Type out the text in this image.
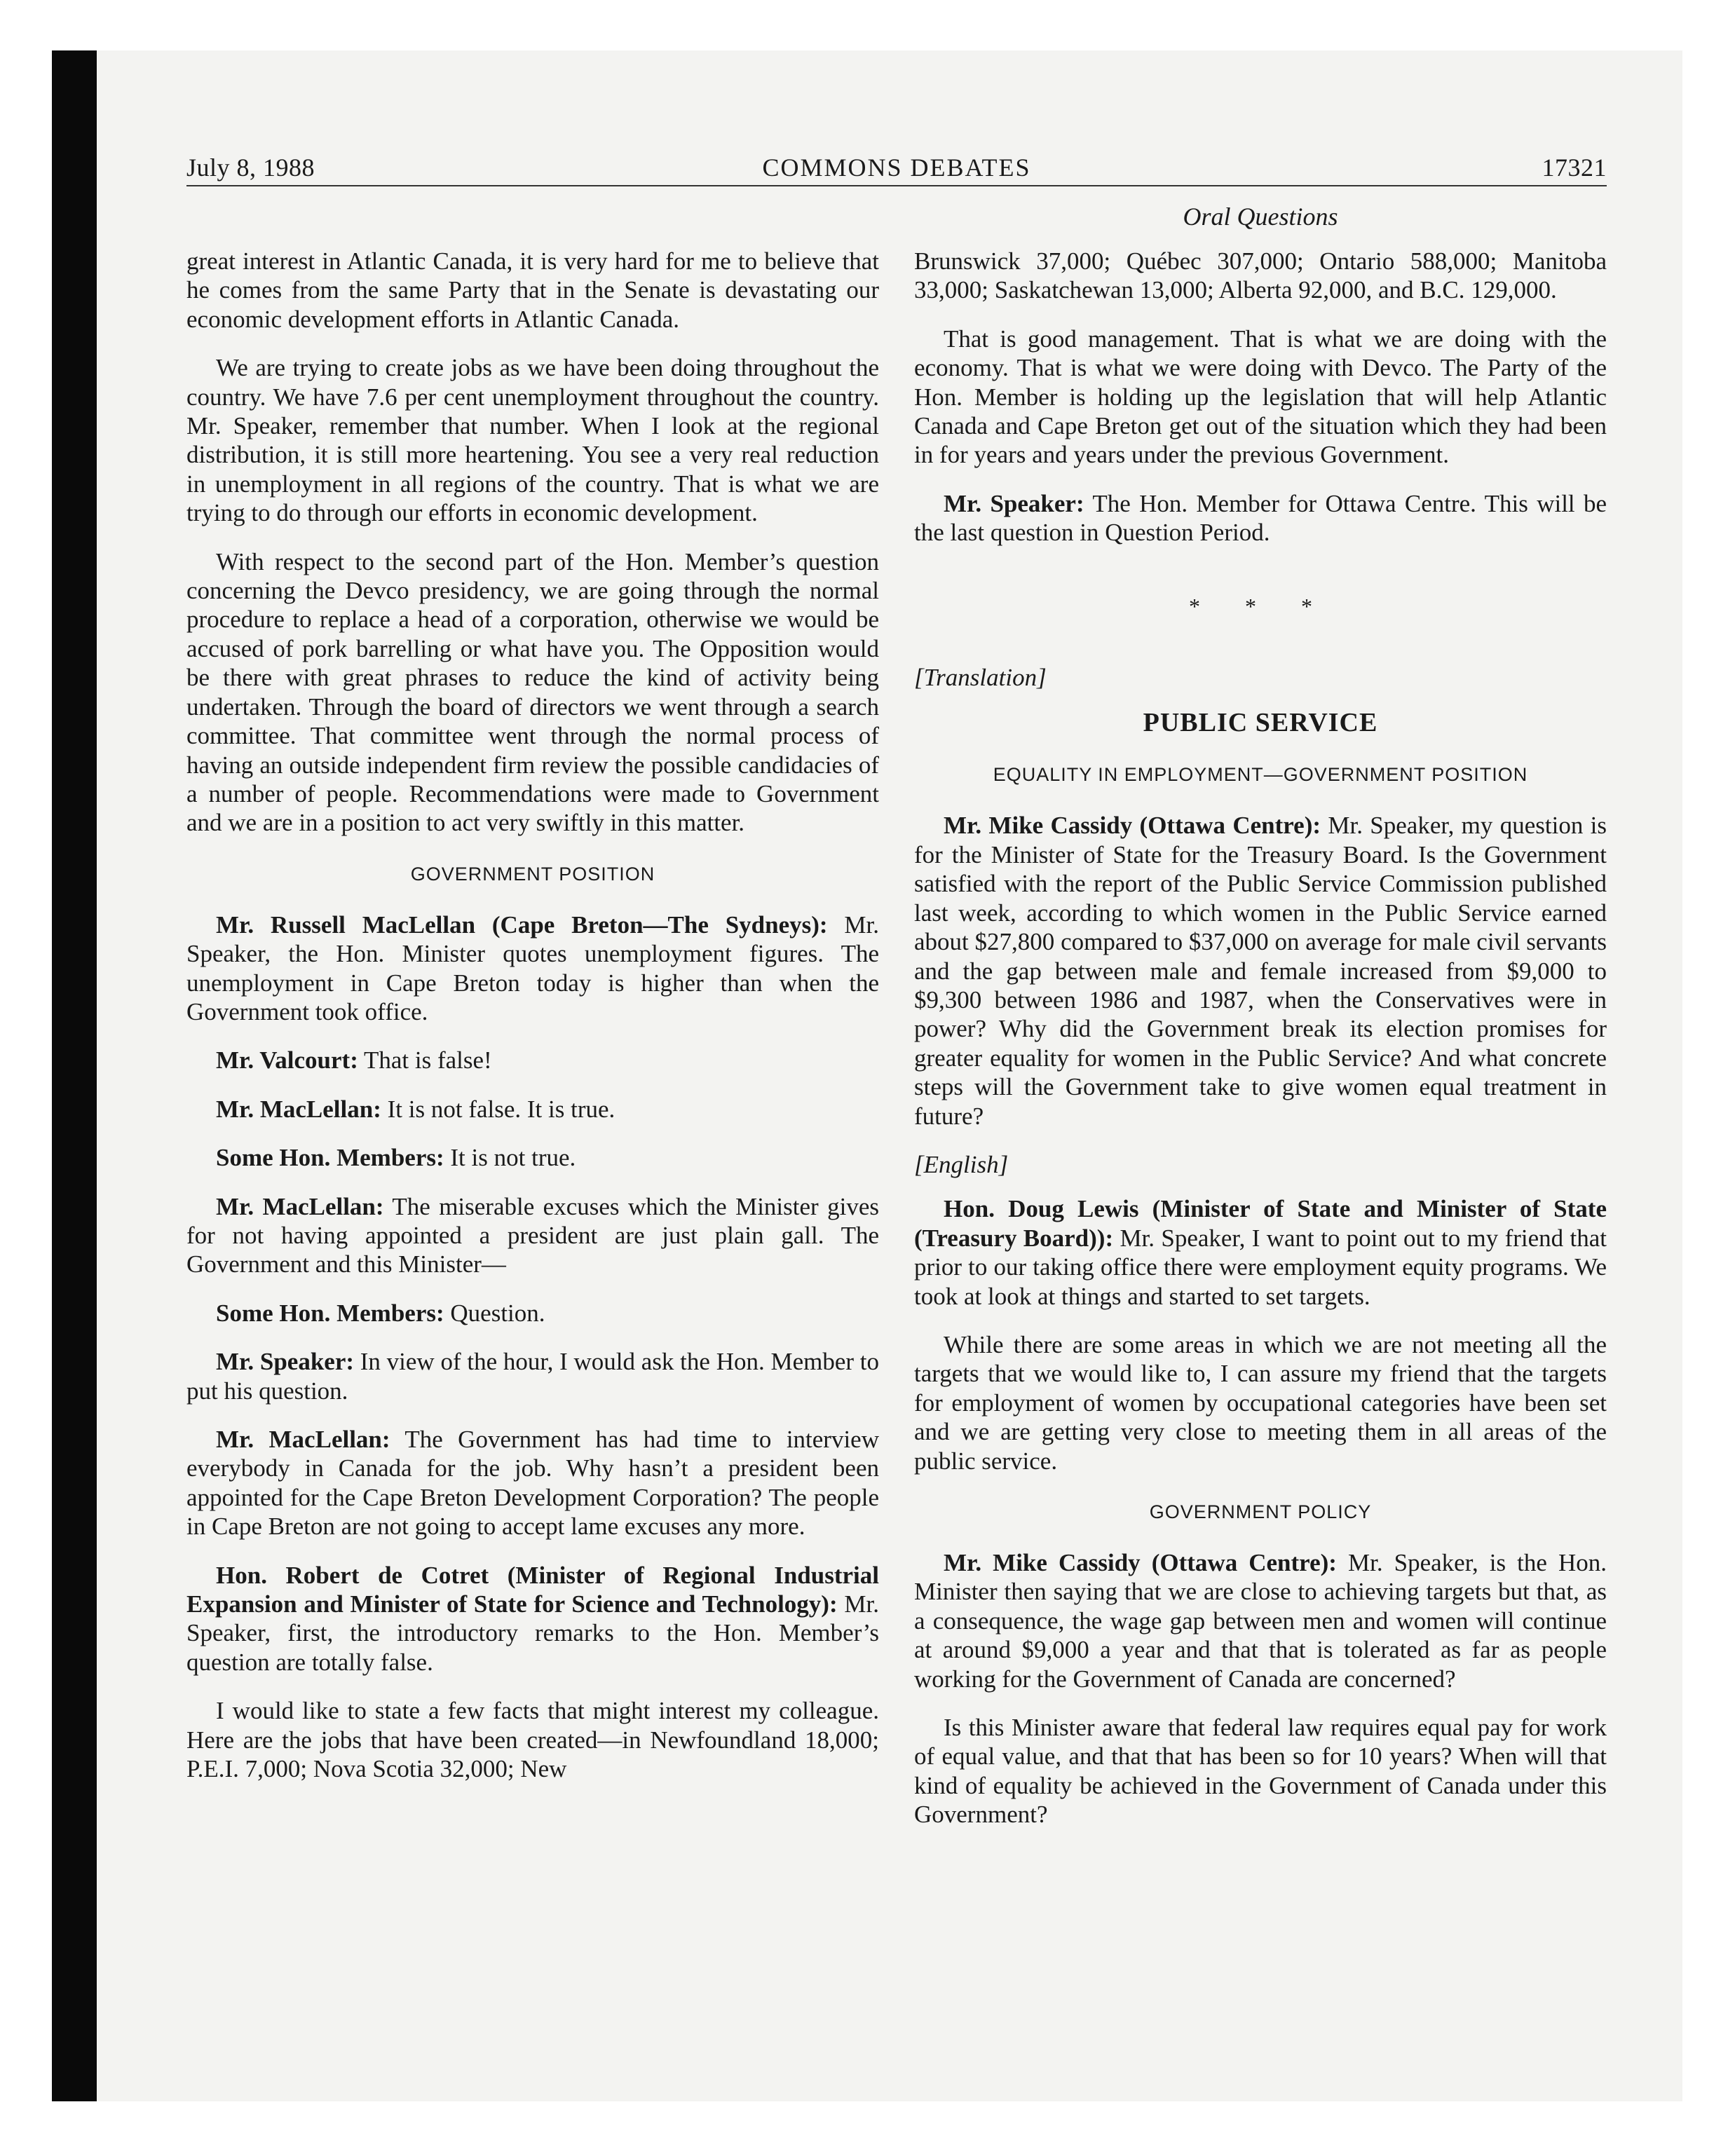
July 8, 1988	COMMONS DEBATES	17321
Oral Questions

great interest in Atlantic Canada, it is very hard for me to believe that he comes from the same Party that in the Senate is devastating our economic development efforts in Atlantic Canada.

We are trying to create jobs as we have been doing throughout the country. We have 7.6 per cent unemployment throughout the country. Mr. Speaker, remember that number. When I look at the regional distribution, it is still more heartening. You see a very real reduction in unemployment in all regions of the country. That is what we are trying to do through our efforts in economic development.

With respect to the second part of the Hon. Member’s question concerning the Devco presidency, we are going through the normal procedure to replace a head of a corporation, otherwise we would be accused of pork barrelling or what have you. The Opposition would be there with great phrases to reduce the kind of activity being undertaken. Through the board of directors we went through a search committee. That committee went through the normal process of having an outside independent firm review the possible candidacies of a number of people. Recommendations were made to Government and we are in a position to act very swiftly in this matter.

GOVERNMENT POSITION

Mr. Russell MacLellan (Cape Breton—The Sydneys): Mr. Speaker, the Hon. Minister quotes unemployment figures. The unemployment in Cape Breton today is higher than when the Government took office.

Mr. Valcourt: That is false!

Mr. MacLellan: It is not false. It is true.

Some Hon. Members: It is not true.

Mr. MacLellan: The miserable excuses which the Minister gives for not having appointed a president are just plain gall. The Government and this Minister—

Some Hon. Members: Question.

Mr. Speaker: In view of the hour, I would ask the Hon. Member to put his question.

Mr. MacLellan: The Government has had time to interview everybody in Canada for the job. Why hasn’t a president been appointed for the Cape Breton Development Corporation? The people in Cape Breton are not going to accept lame excuses any more.

Hon. Robert de Cotret (Minister of Regional Industrial Expansion and Minister of State for Science and Technology): Mr. Speaker, first, the introductory remarks to the Hon. Member’s question are totally false.

I would like to state a few facts that might interest my colleague. Here are the jobs that have been created—in Newfoundland 18,000; P.E.I. 7,000; Nova Scotia 32,000; New

Brunswick 37,000; Québec 307,000; Ontario 588,000; Manitoba 33,000; Saskatchewan 13,000; Alberta 92,000, and B.C. 129,000.

That is good management. That is what we are doing with the economy. That is what we were doing with Devco. The Party of the Hon. Member is holding up the legislation that will help Atlantic Canada and Cape Breton get out of the situation which they had been in for years and years under the previous Government.

Mr. Speaker: The Hon. Member for Ottawa Centre. This will be the last question in Question Period.

* * *
[Translation]
PUBLIC SERVICE
EQUALITY IN EMPLOYMENT—GOVERNMENT POSITION

Mr. Mike Cassidy (Ottawa Centre): Mr. Speaker, my question is for the Minister of State for the Treasury Board. Is the Government satisfied with the report of the Public Service Commission published last week, according to which women in the Public Service earned about $27,800 compared to $37,000 on average for male civil servants and the gap between male and female increased from $9,000 to $9,300 between 1986 and 1987, when the Conservatives were in power? Why did the Government break its election promises for greater equality for women in the Public Service? And what concrete steps will the Government take to give women equal treatment in future?

[English]

Hon. Doug Lewis (Minister of State and Minister of State (Treasury Board)): Mr. Speaker, I want to point out to my friend that prior to our taking office there were employment equity programs. We took at look at things and started to set targets.

While there are some areas in which we are not meeting all the targets that we would like to, I can assure my friend that the targets for employment of women by occupational categories have been set and we are getting very close to meeting them in all areas of the public service.

GOVERNMENT POLICY

Mr. Mike Cassidy (Ottawa Centre): Mr. Speaker, is the Hon. Minister then saying that we are close to achieving targets but that, as a consequence, the wage gap between men and women will continue at around $9,000 a year and that that is tolerated as far as people working for the Government of Canada are concerned?

Is this Minister aware that federal law requires equal pay for work of equal value, and that that has been so for 10 years? When will that kind of equality be achieved in the Government of Canada under this Government?
